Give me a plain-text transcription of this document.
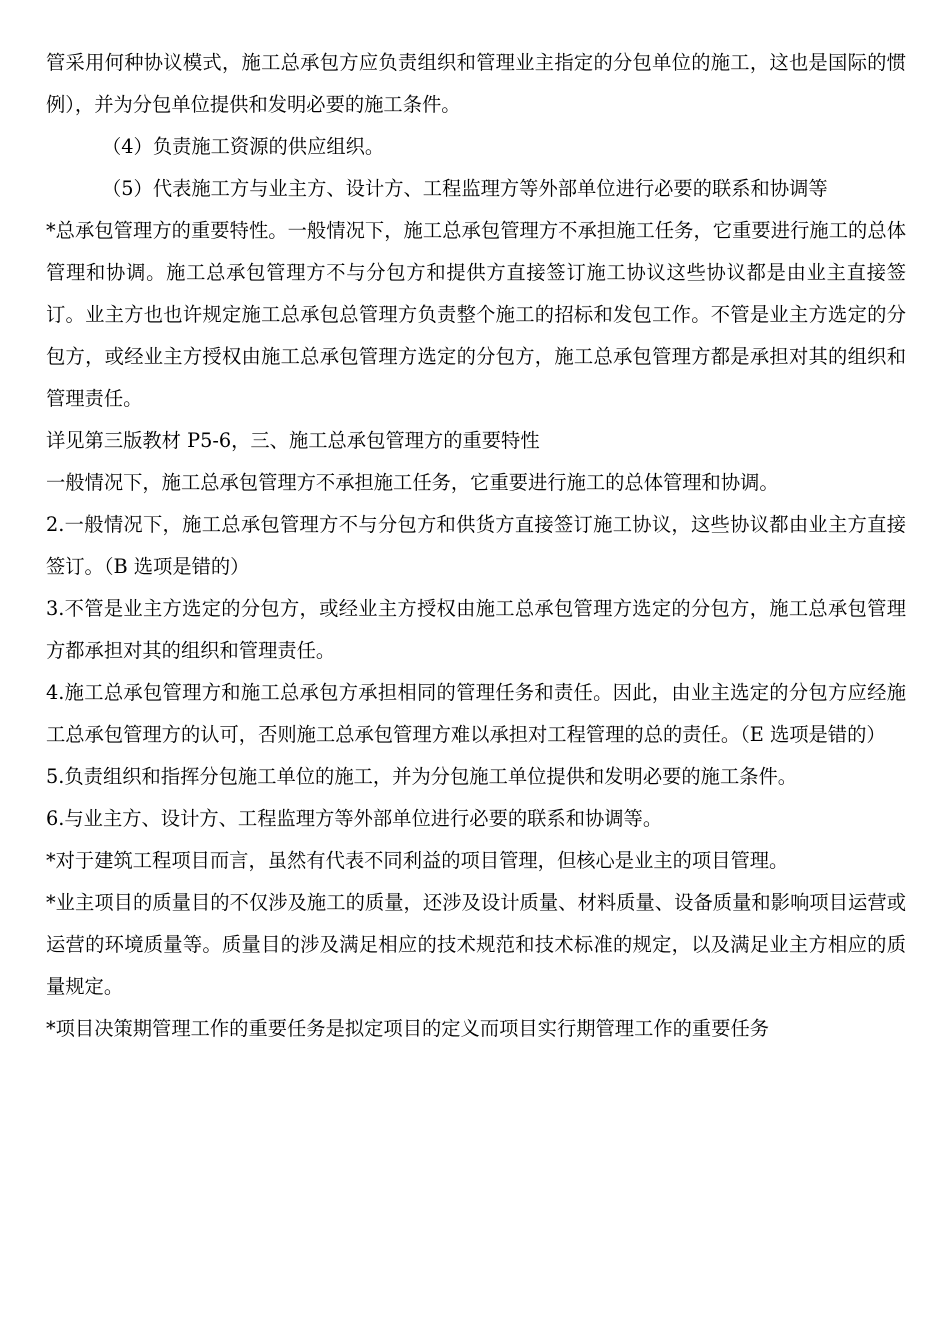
管采用何种协议模式，施工总承包方应负责组织和管理业主指定的分包单位的施工，这也是国际的惯例），并为分包单位提供和发明必要的施工条件。

（4）负责施工资源的供应组织。

（5）代表施工方与业主方、设计方、工程监理方等外部单位进行必要的联系和协调等

*总承包管理方的重要特性。一般情况下，施工总承包管理方不承担施工任务，它重要进行施工的总体管理和协调。施工总承包管理方不与分包方和提供方直接签订施工协议这些协议都是由业主直接签订。业主方也也许规定施工总承包总管理方负责整个施工的招标和发包工作。不管是业主方选定的分包方，或经业主方授权由施工总承包管理方选定的分包方，施工总承包管理方都是承担对其的组织和管理责任。

详见第三版教材 P5-6，三、施工总承包管理方的重要特性

一般情况下，施工总承包管理方不承担施工任务，它重要进行施工的总体管理和协调。

2.一般情况下，施工总承包管理方不与分包方和供货方直接签订施工协议，这些协议都由业主方直接签订。（B 选项是错的）

3.不管是业主方选定的分包方，或经业主方授权由施工总承包管理方选定的分包方，施工总承包管理方都承担对其的组织和管理责任。

4.施工总承包管理方和施工总承包方承担相同的管理任务和责任。因此，由业主选定的分包方应经施工总承包管理方的认可，否则施工总承包管理方难以承担对工程管理的总的责任。（E 选项是错的）

5.负责组织和指挥分包施工单位的施工，并为分包施工单位提供和发明必要的施工条件。

6.与业主方、设计方、工程监理方等外部单位进行必要的联系和协调等。

*对于建筑工程项目而言，虽然有代表不同利益的项目管理，但核心是业主的项目管理。

*业主项目的质量目的不仅涉及施工的质量，还涉及设计质量、材料质量、设备质量和影响项目运营或运营的环境质量等。质量目的涉及满足相应的技术规范和技术标准的规定，以及满足业主方相应的质量规定。

*项目决策期管理工作的重要任务是拟定项目的定义而项目实行期管理工作的重要任务
